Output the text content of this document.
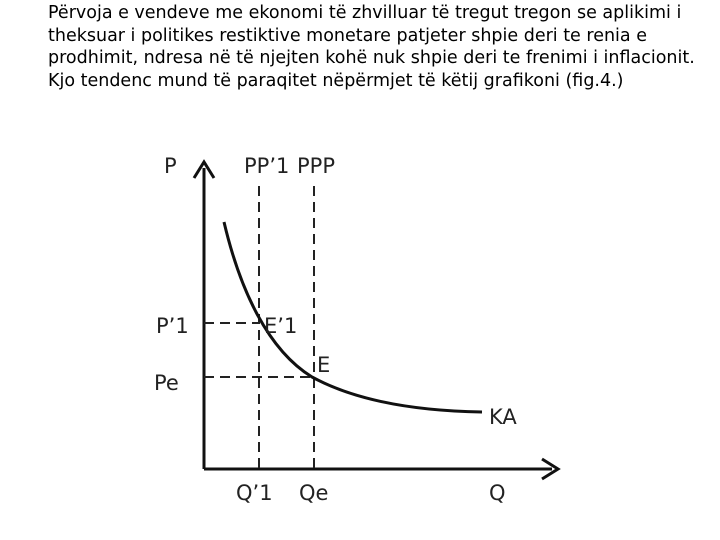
Përvoja e vendeve me ekonomi të zhvilluar të tregut tregon se aplikimi i theksuar i politikes restiktive monetare patjeter shpie deri te renia e prodhimit, ndresa në të njejten kohë nuk shpie deri te frenimi i inflacionit.

Kjo tendenc mund të paraqitet nëpërmjet të këtij grafikoni (fig.4.)

P	PP’1 PPP
P’1	E’1
E
Pe
KA
Q’1 Qe	Q
